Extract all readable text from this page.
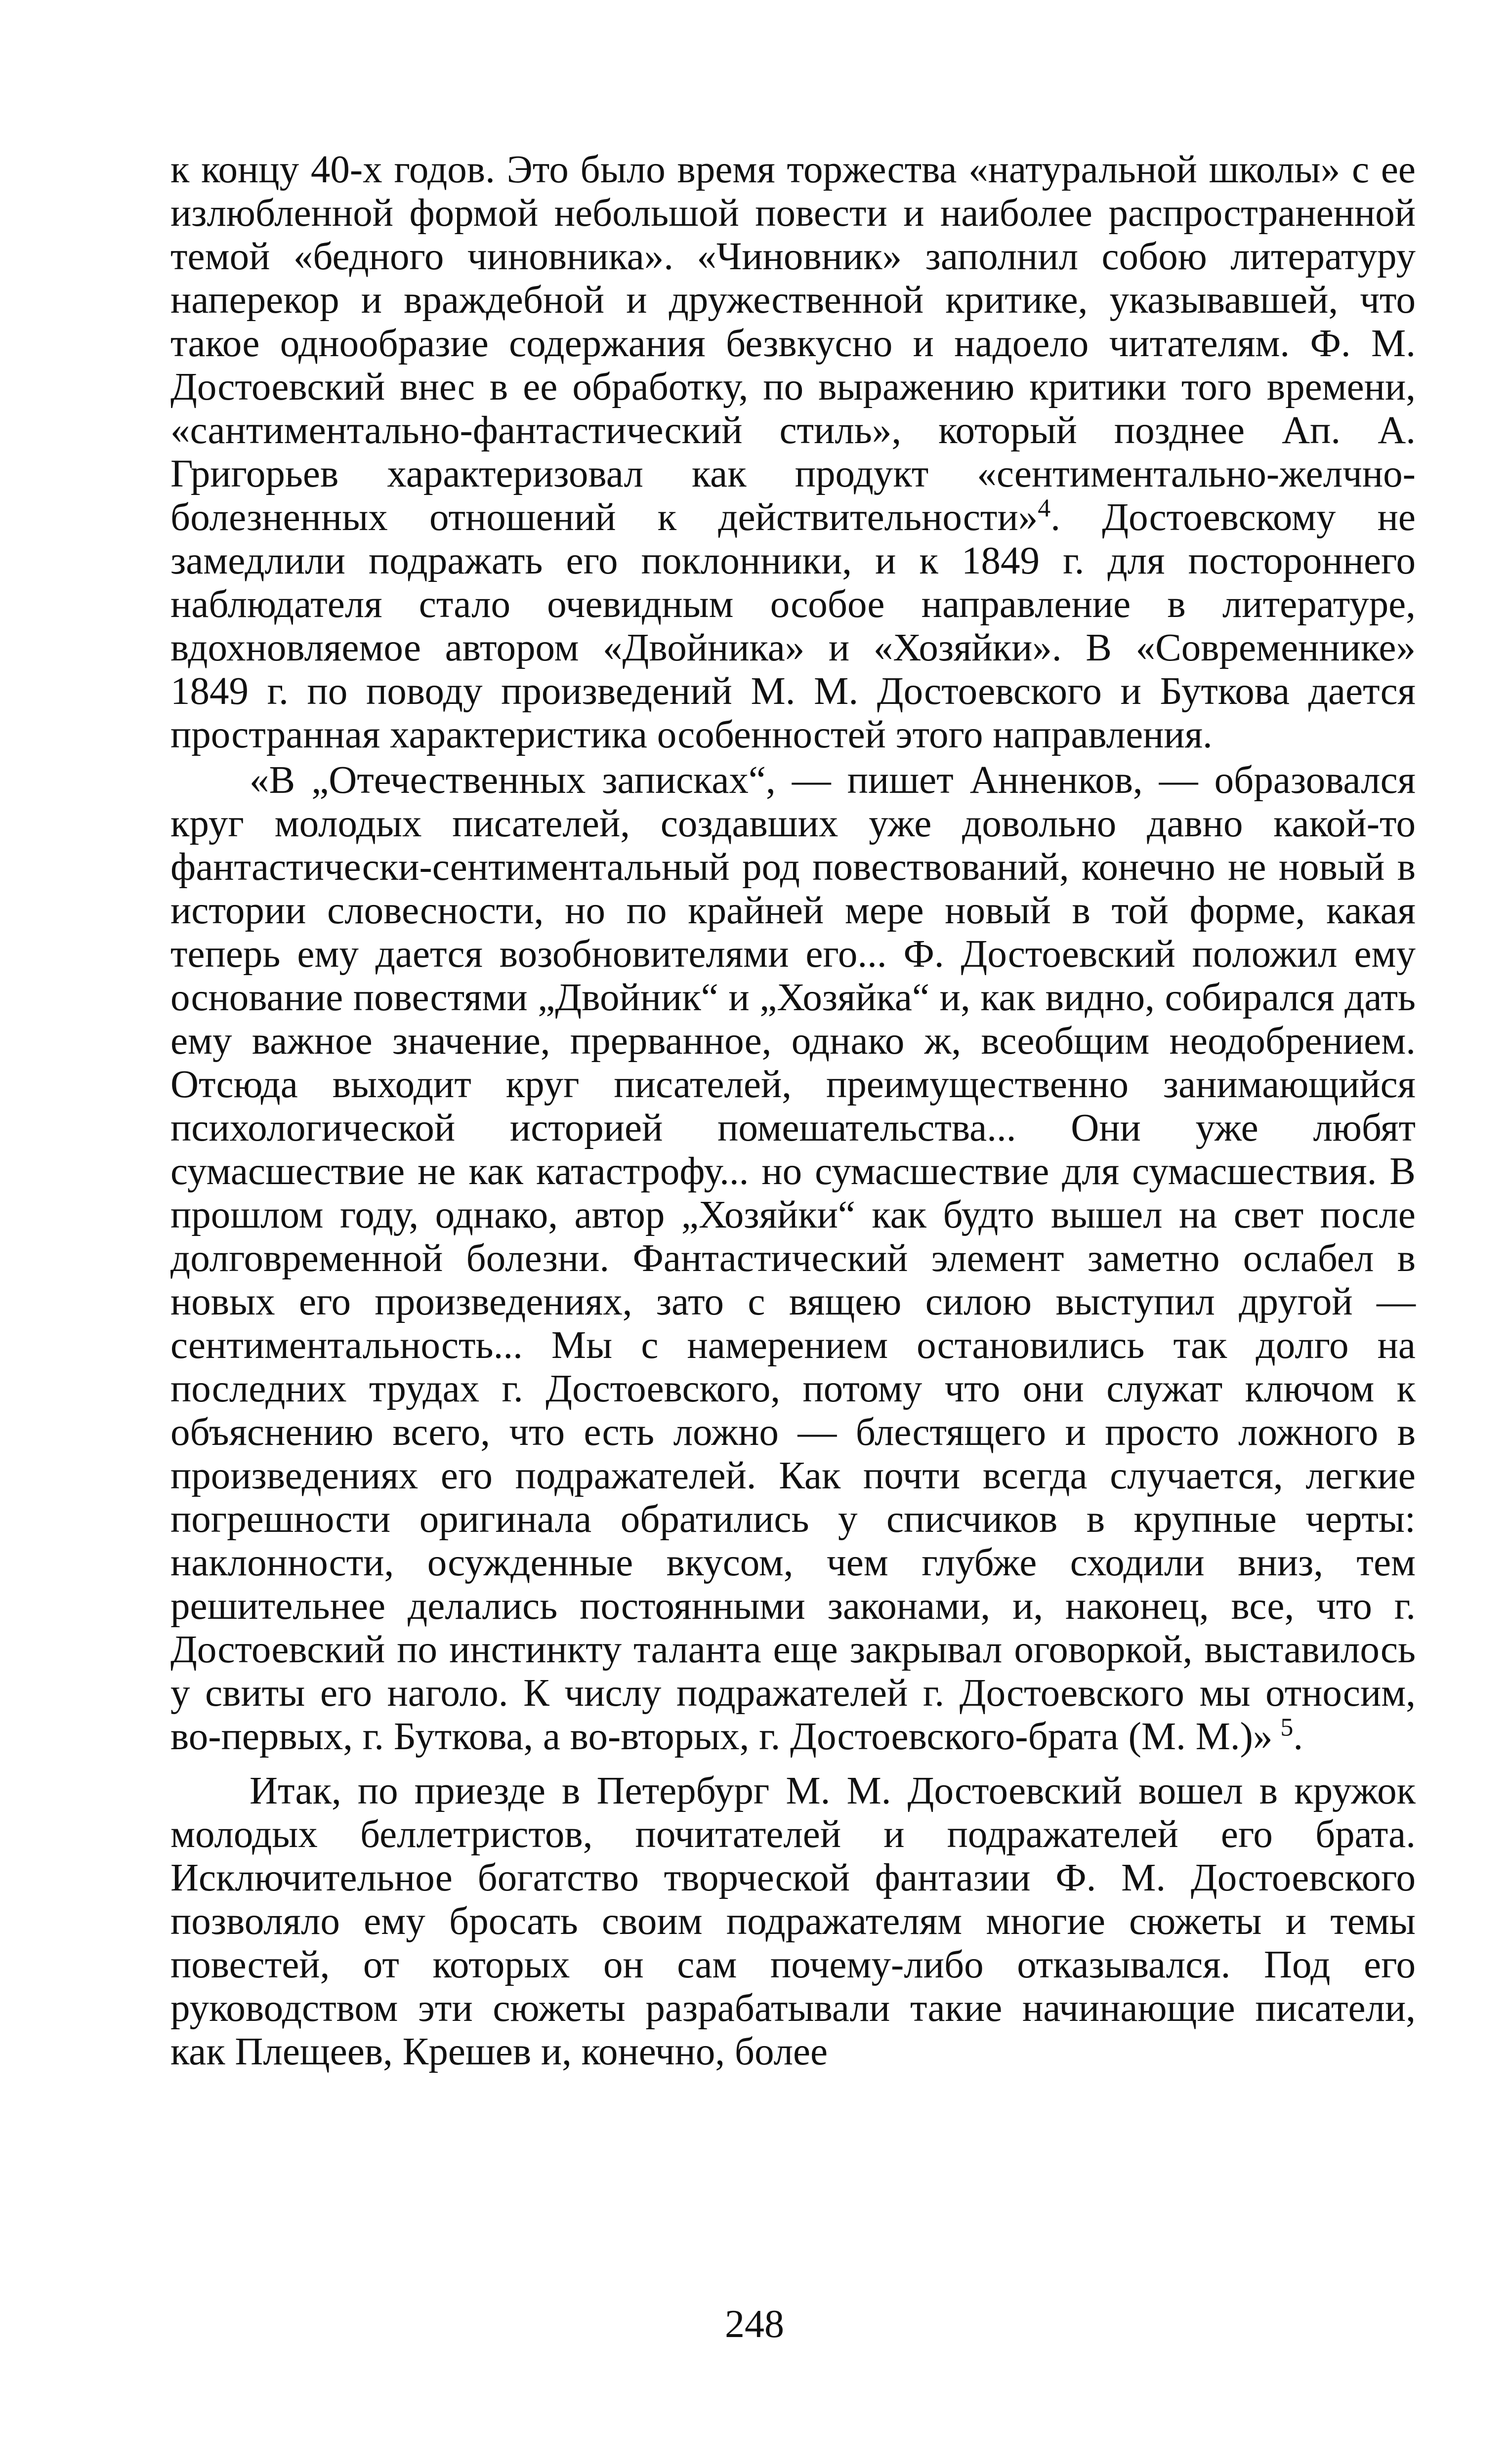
к концу 40-х годов. Это было время торжества «натуральной школы» с ее излюбленной формой небольшой повести и наиболее распространенной темой «бедного чиновника». «Чиновник» заполнил собою литературу наперекор и враждебной и дружественной критике, указывавшей, что такое однообразие содержания безвкусно и надоело читателям. Ф. М. Достоевский внес в ее обработку, по выражению критики того времени, «сантиментально-фантастический стиль», который позднее Ап. А. Григорьев характеризовал как продукт «сентиментально-желчно-болезненных отношений к действительности»$^4$. Достоевскому не замедлили подражать его поклонники, и к 1849 г. для постороннего наблюдателя стало очевидным особое направление в литературе, вдохновляемое автором «Двойника» и «Хозяйки». В «Современнике» 1849 г. по поводу произведений М. М. Достоевского и Буткова дается пространная характеристика особенностей этого направления.

«В „Отечественных записках“, — пишет Анненков, — образовался круг молодых писателей, создавших уже довольно давно какой-то фантастически-сентиментальный род повествований, конечно не новый в истории словесности, но по крайней мере новый в той форме, какая теперь ему дается возобновителями его... Ф. Достоевский положил ему основание повестями „Двойник“ и „Хозяйка“ и, как видно, собирался дать ему важное значение, прерванное, однако ж, всеобщим неодобрением. Отсюда выходит круг писателей, преимущественно занимающийся психологической историей помешательства... Они уже любят сумасшествие не как катастрофу... но сумасшествие для сумасшествия. В прошлом году, однако, автор „Хозяйки“ как будто вышел на свет после долговременной болезни. Фантастический элемент заметно ослабел в новых его произведениях, зато с вящею силою выступил другой — сентиментальность... Мы с намерением остановились так долго на последних трудах г. Достоевского, потому что они служат ключом к объяснению всего, что есть ложно — блестящего и просто ложного в произведениях его подражателей. Как почти всегда случается, легкие погрешности оригинала обратились у списчиков в крупные черты: наклонности, осужденные вкусом, чем глубже сходили вниз, тем решительнее делались постоянными законами, и, наконец, все, что г. Достоевский по инстинкту таланта еще закрывал оговоркой, выставилось у свиты его наголо. К числу подражателей г. Достоевского мы относим, во-первых, г. Буткова, а во-вторых, г. Достоевского-брата (М. М.)»  $^5$.

Итак, по приезде в Петербург М. М. Достоевский вошел в кружок молодых беллетристов, почитателей и подражателей его брата. Исключительное богатство творческой фантазии Ф. М. Достоевского позволяло ему бросать своим подражателям многие сюжеты и темы повестей, от которых он сам почему-либо отказывался. Под его руководством эти сюжеты разрабатывали такие начинающие писатели, как Плещеев, Крешев и, конечно, более

248
